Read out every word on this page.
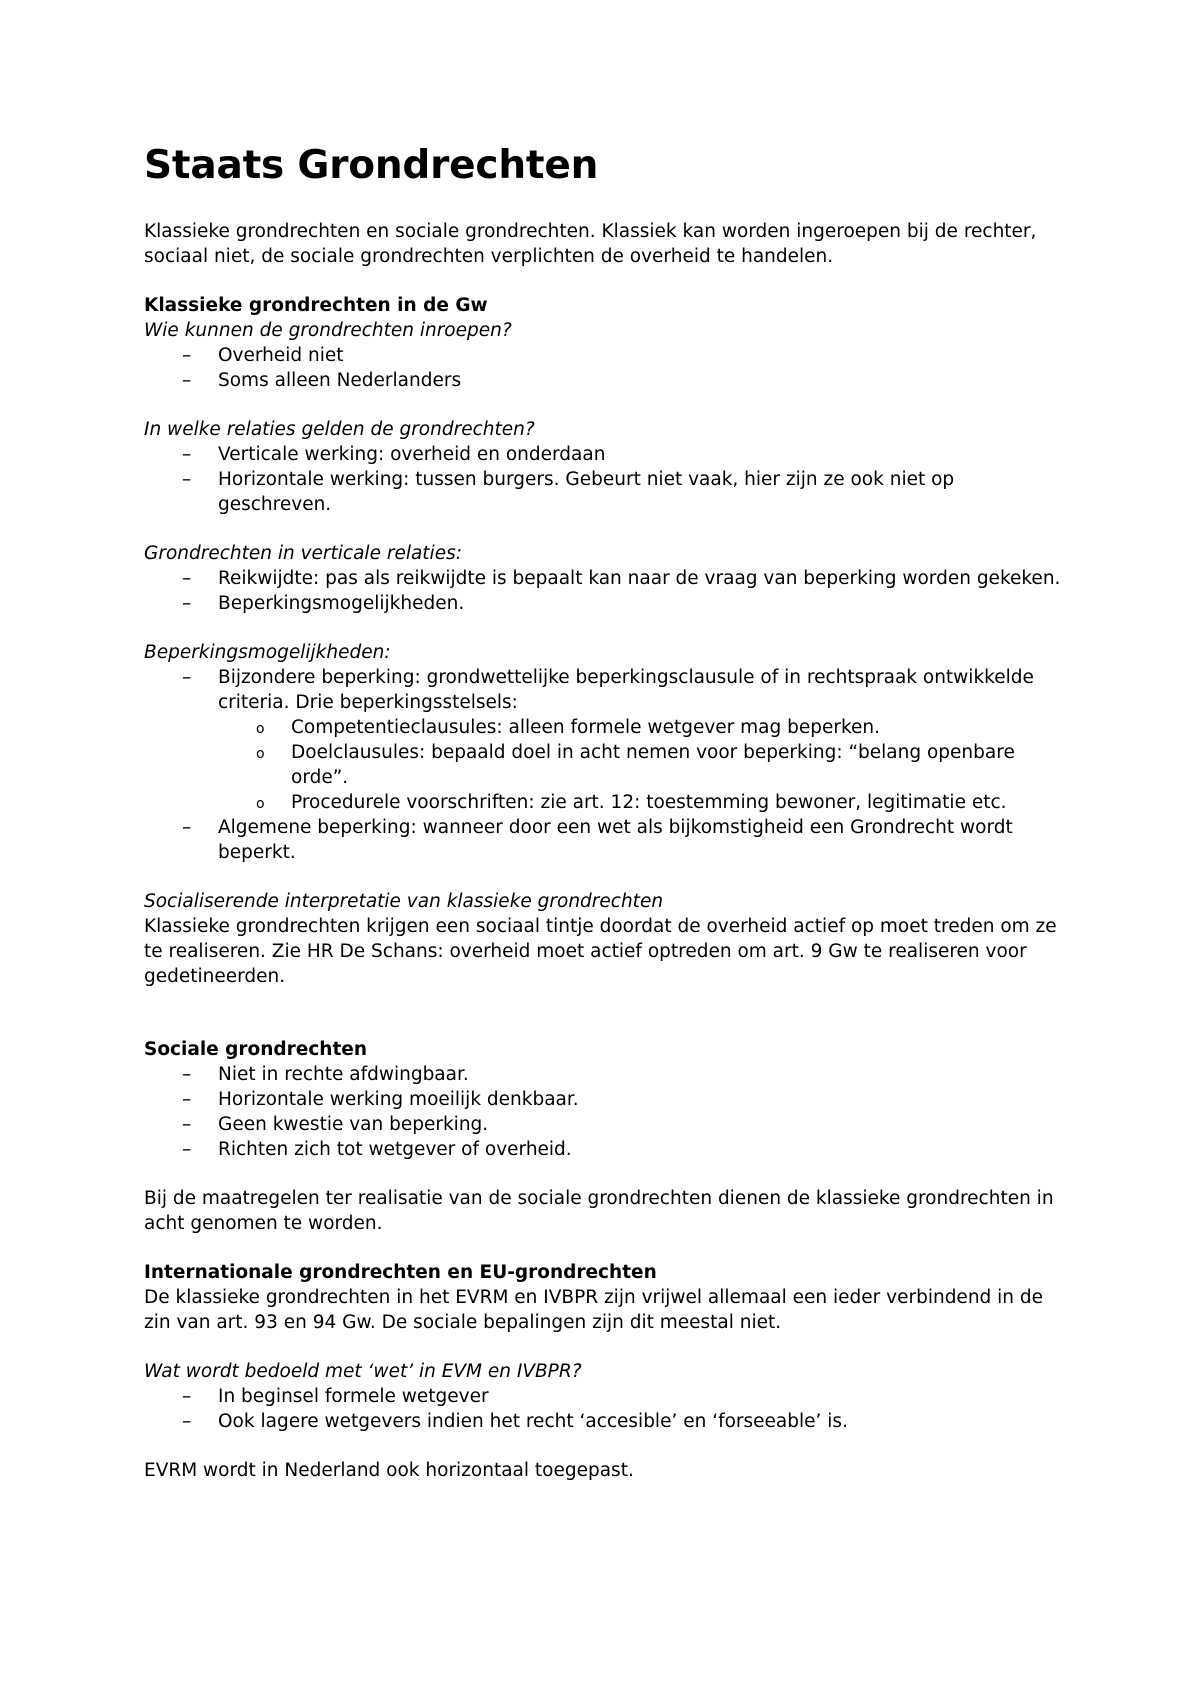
Staats Grondrechten

Klassieke grondrechten en sociale grondrechten. Klassiek kan worden ingeroepen bij de rechter, sociaal niet, de sociale grondrechten verplichten de overheid te handelen.

Klassieke grondrechten in de Gw

Wie kunnen de grondrechten inroepen?

– Overheid niet
– Soms alleen Nederlanders

In welke relaties gelden de grondrechten?

– Verticale werking: overheid en onderdaan
– Horizontale werking: tussen burgers. Gebeurt niet vaak, hier zijn ze ook niet op geschreven.

Grondrechten in verticale relaties:

– Reikwijdte: pas als reikwijdte is bepaalt kan naar de vraag van beperking worden gekeken.
– Beperkingsmogelijkheden.

Beperkingsmogelijkheden:

– Bijzondere beperking: grondwettelijke beperkingsclausule of in rechtspraak ontwikkelde criteria. Drie beperkingsstelsels:
o Competentieclausules: alleen formele wetgever mag beperken.
o Doelclausules: bepaald doel in acht nemen voor beperking: “belang openbare orde”.
o Procedurele voorschriften: zie art. 12: toestemming bewoner, legitimatie etc.
– Algemene beperking: wanneer door een wet als bijkomstigheid een Grondrecht wordt beperkt.

Socialiserende interpretatie van klassieke grondrechten

Klassieke grondrechten krijgen een sociaal tintje doordat de overheid actief op moet treden om ze te realiseren. Zie HR De Schans: overheid moet actief optreden om art. 9 Gw te realiseren voor gedetineerden.

Sociale grondrechten

– Niet in rechte afdwingbaar.
– Horizontale werking moeilijk denkbaar.
– Geen kwestie van beperking.
– Richten zich tot wetgever of overheid.

Bij de maatregelen ter realisatie van de sociale grondrechten dienen de klassieke grondrechten in acht genomen te worden.

Internationale grondrechten en EU-grondrechten

De klassieke grondrechten in het EVRM en IVBPR zijn vrijwel allemaal een ieder verbindend in de zin van art. 93 en 94 Gw. De sociale bepalingen zijn dit meestal niet.

Wat wordt bedoeld met ‘wet’ in EVM en IVBPR?

– In beginsel formele wetgever
– Ook lagere wetgevers indien het recht ‘accesible’ en ‘forseeable’ is.

EVRM wordt in Nederland ook horizontaal toegepast.
